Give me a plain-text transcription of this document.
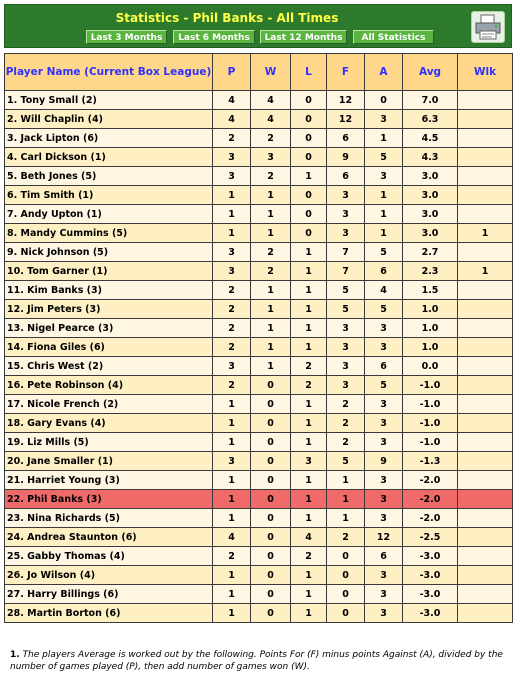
Statistics - Phil Banks - All Times
Last 3 Months	Last 6 Months	Last 12 Months	All Statistics
Player Name (Current Box League)	P	W	L	F	A	Avg	Wlk
1. Tony Small (2)	4	4	0	12	0	7.0	
2. Will Chaplin (4)	4	4	0	12	3	6.3	
3. Jack Lipton (6)	2	2	0	6	1	4.5	
4. Carl Dickson (1)	3	3	0	9	5	4.3	
5. Beth Jones (5)	3	2	1	6	3	3.0	
6. Tim Smith (1)	1	1	0	3	1	3.0	
7. Andy Upton (1)	1	1	0	3	1	3.0	
8. Mandy Cummins (5)	1	1	0	3	1	3.0	1
9. Nick Johnson (5)	3	2	1	7	5	2.7	
10. Tom Garner (1)	3	2	1	7	6	2.3	1
11. Kim Banks (3)	2	1	1	5	4	1.5	
12. Jim Peters (3)	2	1	1	5	5	1.0	
13. Nigel Pearce (3)	2	1	1	3	3	1.0	
14. Fiona Giles (6)	2	1	1	3	3	1.0	
15. Chris West (2)	3	1	2	3	6	0.0	
16. Pete Robinson (4)	2	0	2	3	5	-1.0	
17. Nicole French (2)	1	0	1	2	3	-1.0	
18. Gary Evans (4)	1	0	1	2	3	-1.0	
19. Liz Mills (5)	1	0	1	2	3	-1.0	
20. Jane Smaller (1)	3	0	3	5	9	-1.3	
21. Harriet Young (3)	1	0	1	1	3	-2.0	
22. Phil Banks (3)	1	0	1	1	3	-2.0	
23. Nina Richards (5)	1	0	1	1	3	-2.0	
24. Andrea Staunton (6)	4	0	4	2	12	-2.5	
25. Gabby Thomas (4)	2	0	2	0	6	-3.0	
26. Jo Wilson (4)	1	0	1	0	3	-3.0	
27. Harry Billings (6)	1	0	1	0	3	-3.0	
28. Martin Borton (6)	1	0	1	0	3	-3.0	
1. The players Average is worked out by the following. Points For (F) minus points Against (A), divided by the number of games played (P), then add number of games won (W).
